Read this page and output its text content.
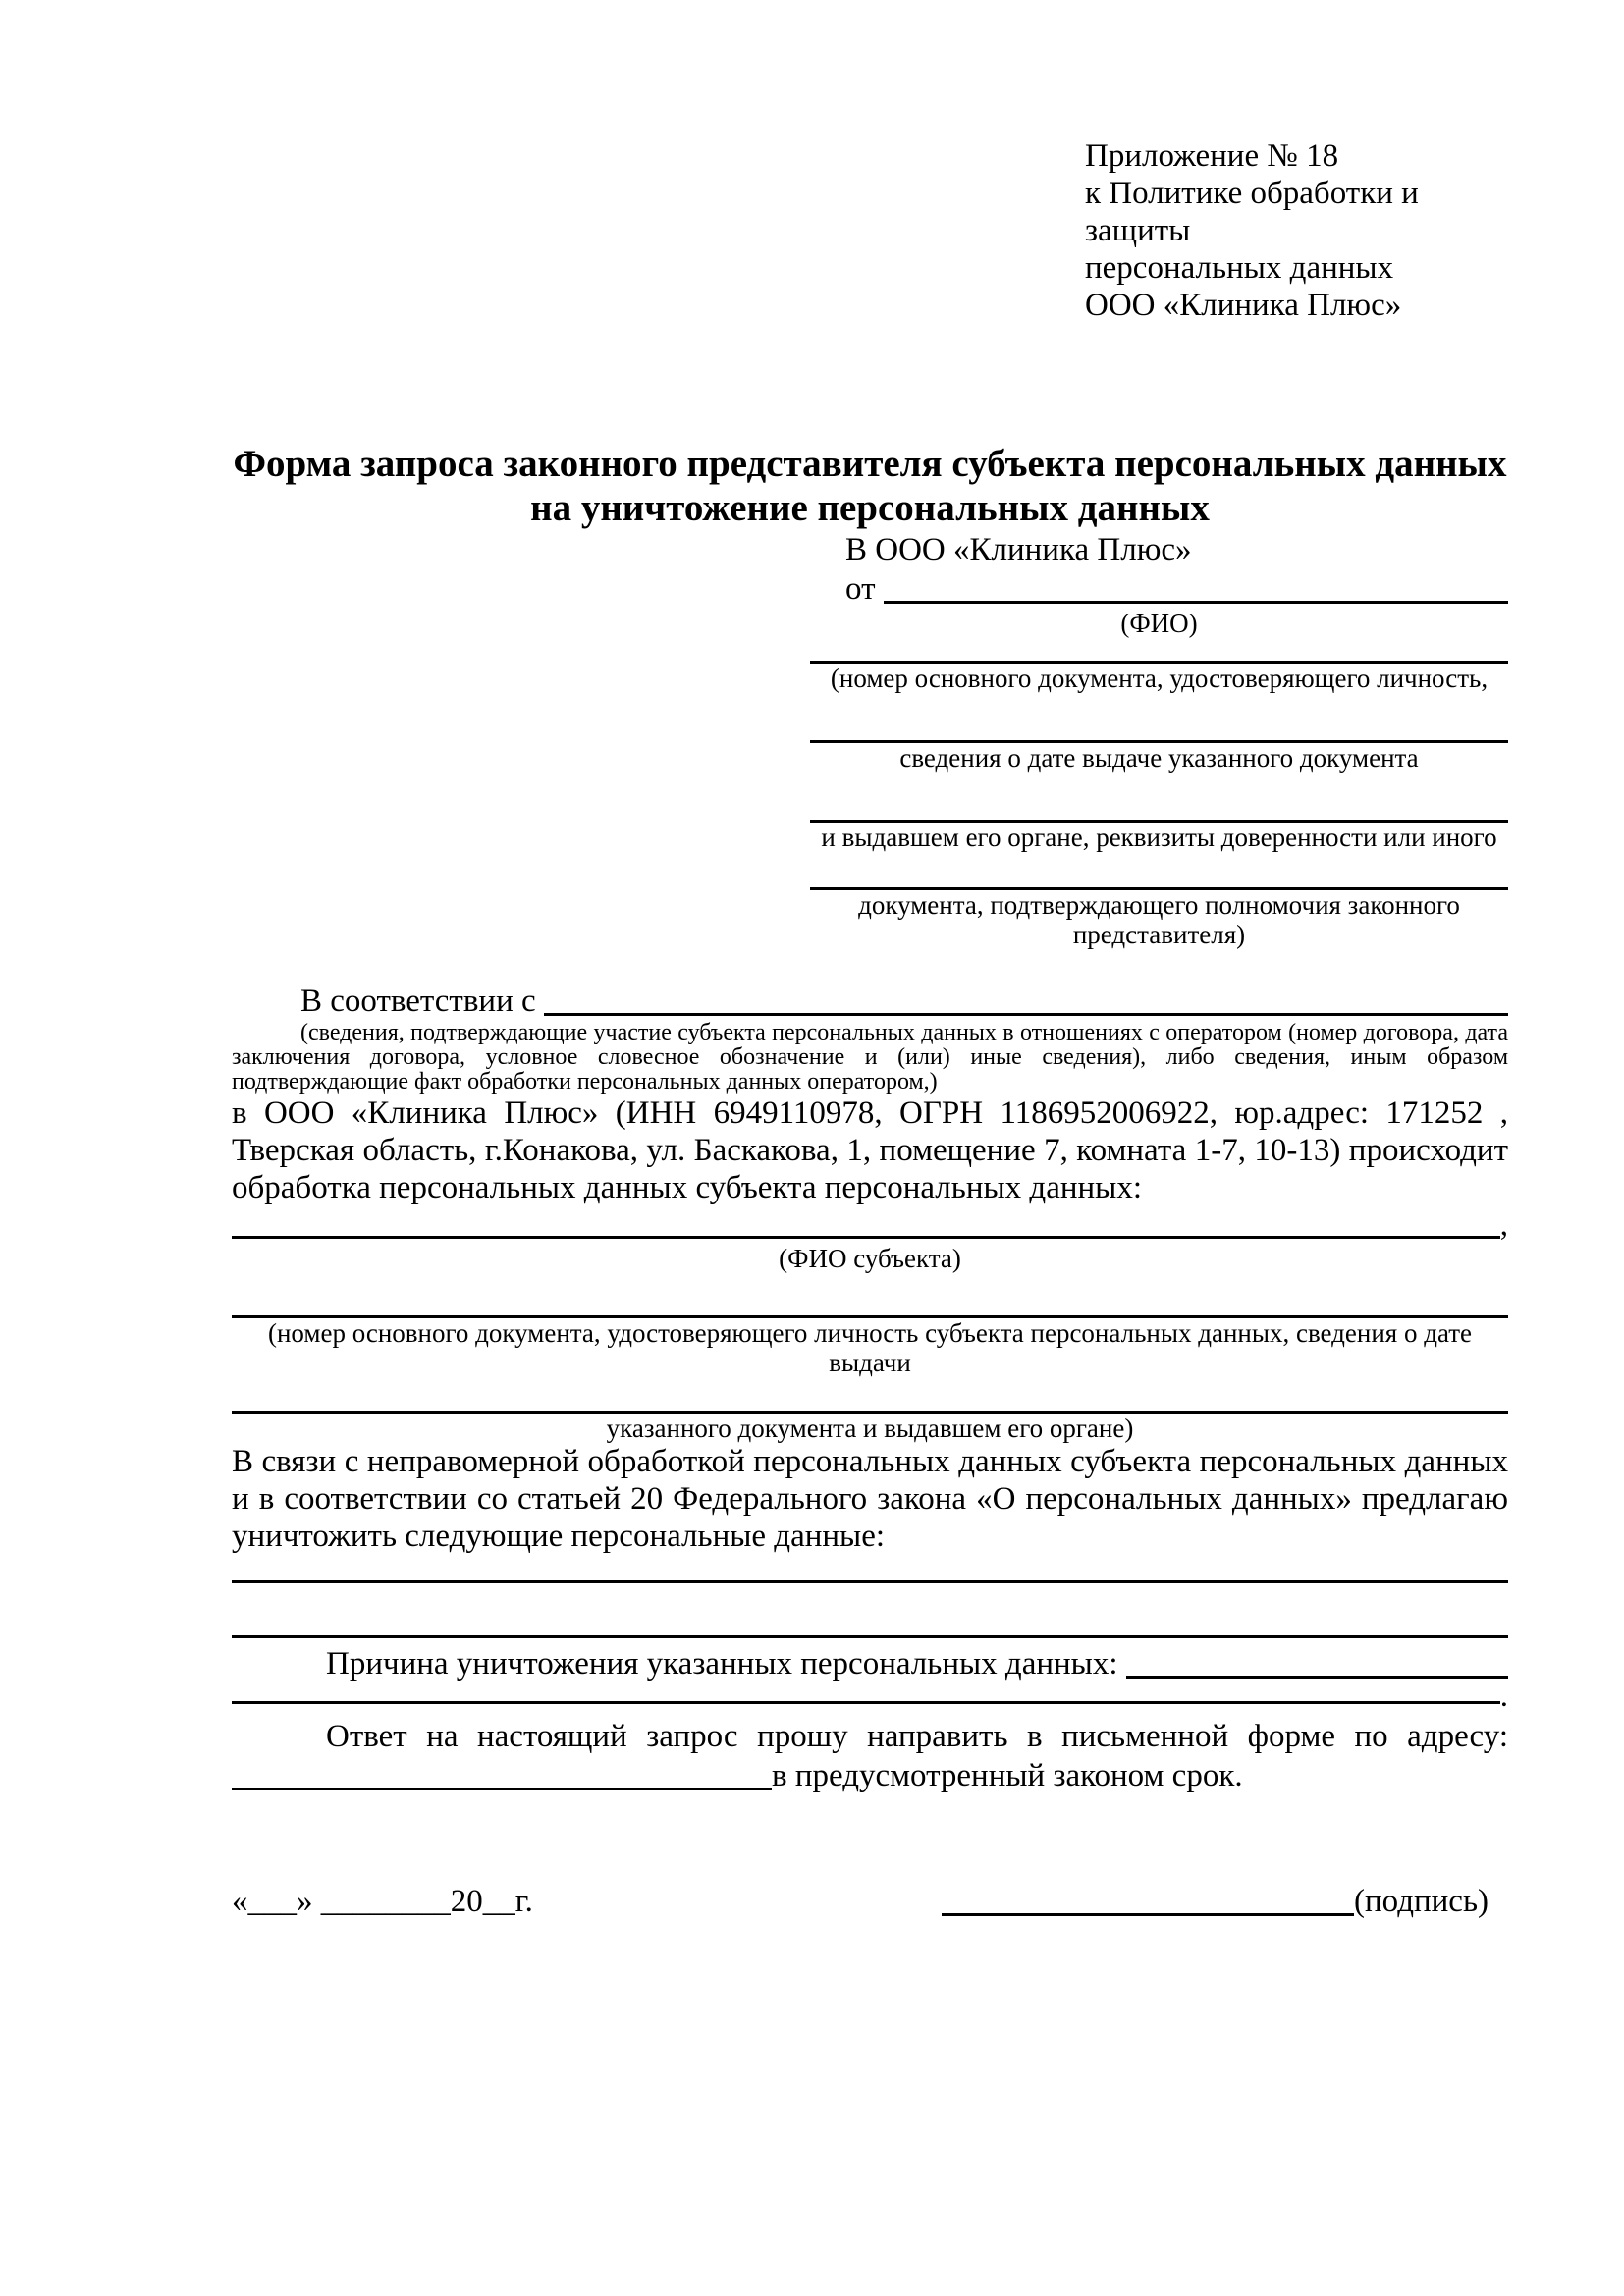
Приложение № 18
к Политике обработки и защиты
персональных данных
ООО «Клиника Плюс»
Форма запроса законного представителя субъекта персональных данных
на уничтожение персональных данных
В ООО «Клиника Плюс»
от

(ФИО)
(номер основного документа, удостоверяющего личность,
сведения о дате выдаче указанного документа
и выдавшем его органе, реквизиты доверенности или иного
документа, подтверждающего полномочия законного представителя)
В соответствии с

(сведения, подтверждающие участие субъекта персональных данных в отношениях с оператором (номер договора, дата заключения договора, условное словесное обозначение и (или) иные сведения), либо сведения, иным образом подтверждающие факт обработки персональных данных оператором,)
в ООО «Клиника Плюс» (ИНН 6949110978, ОГРН 1186952006922, юр.адрес: 171252 , Тверская область, г.Конакова, ул. Баскакова, 1, помещение 7, комната 1-7, 10-13) происходит обработка персональных данных субъекта персональных данных:
,
(ФИО субъекта)
(номер основного документа, удостоверяющего личность субъекта персональных данных, сведения о дате выдачи
указанного документа и выдавшем его органе)
В связи с неправомерной обработкой персональных данных субъекта персональных данных и в соответствии со статьей 20 Федерального закона «О персональных данных» предлагаю уничтожить следующие персональные данные:
Причина уничтожения указанных персональных данных:

.
Ответ на настоящий запрос прошу направить в письменной форме по адресу:
в предусмотренный законом срок.
«___» ________20__г.	(подпись)
